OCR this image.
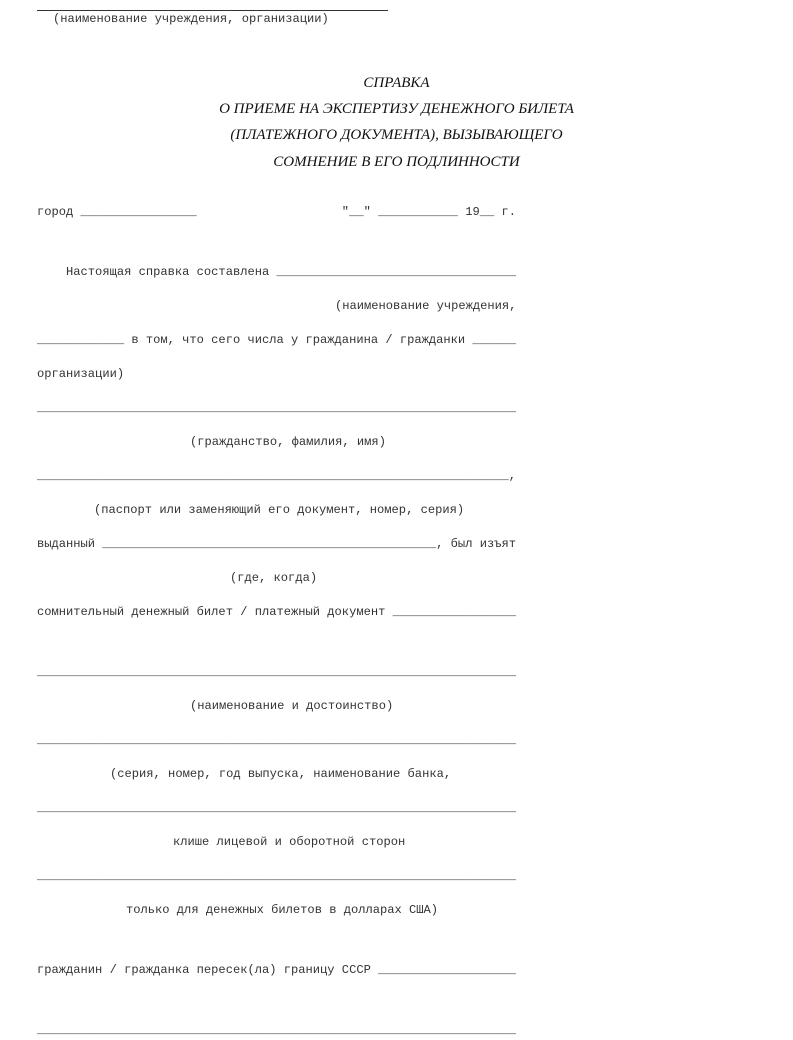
(наименование учреждения, организации)
СПРАВКА
О ПРИЕМЕ НА ЭКСПЕРТИЗУ ДЕНЕЖНОГО БИЛЕТА
(ПЛАТЕЖНОГО ДОКУМЕНТА), ВЫЗЫВАЮЩЕГО
СОМНЕНИЕ В ЕГО ПОДЛИННОСТИ
город ________________                    "__" ___________ 19__ г.
Настоящая справка составлена _________________________________
(наименование учреждения,
____________ в том, что сего числа у гражданина / гражданки ______
организации)
__________________________________________________________________
(гражданство, фамилия, имя)
_________________________________________________________________,
(паспорт или заменяющий его документ, номер, серия)
выданный ______________________________________________, был изъят
(где, когда)
сомнительный денежный билет / платежный документ _________________
__________________________________________________________________
(наименование и достоинство)
__________________________________________________________________
(серия, номер, год выпуска, наименование банка,
__________________________________________________________________
клише лицевой и оборотной сторон
__________________________________________________________________
только для денежных билетов в долларах США)
гражданин / гражданка пересек(ла) границу СССР ___________________
__________________________________________________________________
